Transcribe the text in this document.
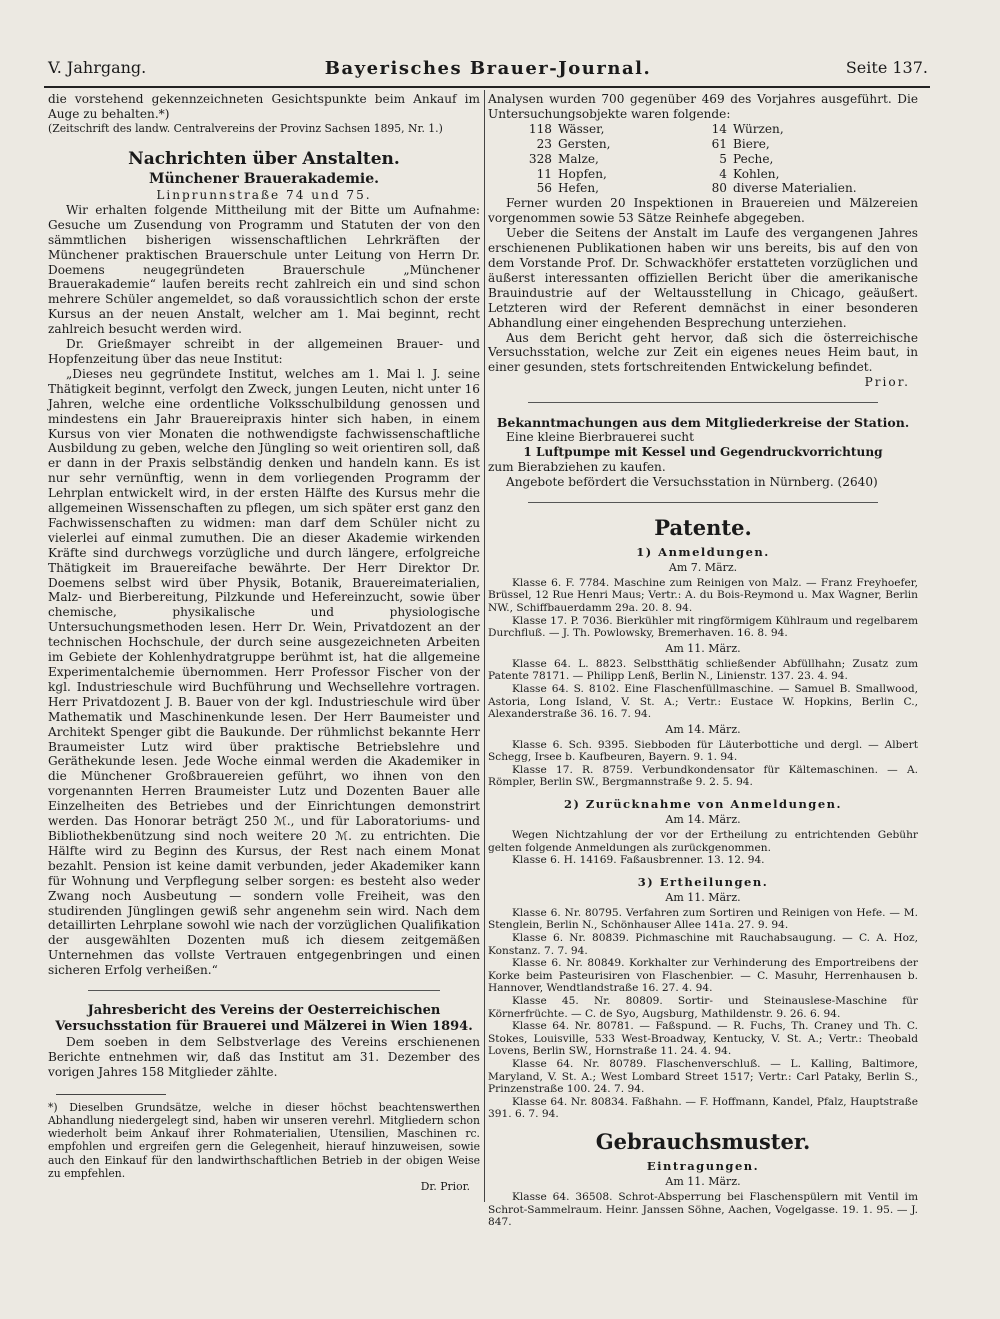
V. Jahrgang.	Bayerisches Brauer-Journal.	Seite 137.

die vorstehend gekennzeichneten Gesichtspunkte beim Ankauf im Auge zu behalten.*)

(Zeitschrift des landw. Centralvereins der Provinz Sachsen 1895, Nr. 1.)

Nachrichten über Anstalten.
Münchener Brauerakademie.

Linprunnstraße 74 und 75.

Wir erhalten folgende Mittheilung mit der Bitte um Aufnahme: Gesuche um Zusendung von Programm und Statuten der von den sämmtlichen bisherigen wissenschaftlichen Lehrkräften der Münchener praktischen Brauerschule unter Leitung von Herrn Dr. Doemens neugegründeten Brauerschule „Münchener Brauerakademie“ laufen bereits recht zahlreich ein und sind schon mehrere Schüler angemeldet, so daß voraussichtlich schon der erste Kursus an der neuen Anstalt, welcher am 1. Mai beginnt, recht zahlreich besucht werden wird.

Dr. Grießmayer schreibt in der allgemeinen Brauer- und Hopfenzeitung über das neue Institut:

„Dieses neu gegründete Institut, welches am 1. Mai l. J. seine Thätigkeit beginnt, verfolgt den Zweck, jungen Leuten, nicht unter 16 Jahren, welche eine ordentliche Volksschulbildung genossen und mindestens ein Jahr Brauereipraxis hinter sich haben, in einem Kursus von vier Monaten die nothwendigste fachwissenschaftliche Ausbildung zu geben, welche den Jüngling so weit orientiren soll, daß er dann in der Praxis selbständig denken und handeln kann. Es ist nur sehr vernünftig, wenn in dem vorliegenden Programm der Lehrplan entwickelt wird, in der ersten Hälfte des Kursus mehr die allgemeinen Wissenschaften zu pflegen, um sich später erst ganz den Fachwissenschaften zu widmen: man darf dem Schüler nicht zu vielerlei auf einmal zumuthen. Die an dieser Akademie wirkenden Kräfte sind durchwegs vorzügliche und durch längere, erfolgreiche Thätigkeit im Brauereifache bewährte. Der Herr Direktor Dr. Doemens selbst wird über Physik, Botanik, Brauereimaterialien, Malz- und Bierbereitung, Pilzkunde und Hefereinzucht, sowie über chemische, physikalische und physiologische Untersuchungsmethoden lesen. Herr Dr. Wein, Privatdozent an der technischen Hochschule, der durch seine ausgezeichneten Arbeiten im Gebiete der Kohlenhydratgruppe berühmt ist, hat die allgemeine Experimentalchemie übernommen. Herr Professor Fischer von der kgl. Industrieschule wird Buchführung und Wechsellehre vortragen. Herr Privatdozent J. B. Bauer von der kgl. Industrieschule wird über Mathematik und Maschinenkunde lesen. Der Herr Baumeister und Architekt Spenger gibt die Baukunde. Der rühmlichst bekannte Herr Braumeister Lutz wird über praktische Betriebslehre und Geräthekunde lesen. Jede Woche einmal werden die Akademiker in die Münchener Großbrauereien geführt, wo ihnen von den vorgenannten Herren Braumeister Lutz und Dozenten Bauer alle Einzelheiten des Betriebes und der Einrichtungen demonstrirt werden. Das Honorar beträgt 250 ℳ., und für Laboratoriums- und Bibliothekbenützung sind noch weitere 20 ℳ. zu entrichten. Die Hälfte wird zu Beginn des Kursus, der Rest nach einem Monat bezahlt. Pension ist keine damit verbunden, jeder Akademiker kann für Wohnung und Verpflegung selber sorgen: es besteht also weder Zwang noch Ausbeutung — sondern volle Freiheit, was den studirenden Jünglingen gewiß sehr angenehm sein wird. Nach dem detaillirten Lehrplane sowohl wie nach der vorzüglichen Qualifikation der ausgewählten Dozenten muß ich diesem zeitgemäßen Unternehmen das vollste Vertrauen entgegenbringen und einen sicheren Erfolg verheißen.“

Jahresbericht des Vereins der Oesterreichischen Versuchsstation für Brauerei und Mälzerei in Wien 1894.

Dem soeben in dem Selbstverlage des Vereins erschienenen Berichte entnehmen wir, daß das Institut am 31. Dezember des vorigen Jahres 158 Mitglieder zählte.

*) Dieselben Grundsätze, welche in dieser höchst beachtenswerthen Abhandlung niedergelegt sind, haben wir unseren verehrl. Mitgliedern schon wiederholt beim Ankauf ihrer Rohmaterialien, Utensilien, Maschinen rc. empfohlen und ergreifen gern die Gelegenheit, hierauf hinzuweisen, sowie auch den Einkauf für den landwirthschaftlichen Betrieb in der obigen Weise zu empfehlen.

Dr. Prior.

Analysen wurden 700 gegenüber 469 des Vorjahres ausgeführt. Die Untersuchungsobjekte waren folgende:

118 Wässer,	14 Würzen,
23 Gersten,	61 Biere,
328 Malze,	5 Peche,
11 Hopfen,	4 Kohlen,
56 Hefen,	80 diverse Materialien.

Ferner wurden 20 Inspektionen in Brauereien und Mälzereien vorgenommen sowie 53 Sätze Reinhefe abgegeben.

Ueber die Seitens der Anstalt im Laufe des vergangenen Jahres erschienenen Publikationen haben wir uns bereits, bis auf den von dem Vorstande Prof. Dr. Schwackhöfer erstatteten vorzüglichen und äußerst interessanten offiziellen Bericht über die amerikanische Brauindustrie auf der Weltausstellung in Chicago, geäußert. Letzteren wird der Referent demnächst in einer besonderen Abhandlung einer eingehenden Besprechung unterziehen.

Aus dem Bericht geht hervor, daß sich die österreichische Versuchsstation, welche zur Zeit ein eigenes neues Heim baut, in einer gesunden, stets fortschreitenden Entwickelung befindet.

Prior.

Bekanntmachungen aus dem Mitgliederkreise der Station.

Eine kleine Bierbrauerei sucht

1 Luftpumpe mit Kessel und Gegendruckvorrichtung

zum Bierabziehen zu kaufen.

Angebote befördert die Versuchsstation in Nürnberg. (2640)

Patente.
1) Anmeldungen.
Am 7. März.

Klasse 6. F. 7784. Maschine zum Reinigen von Malz. — Franz Freyhoefer, Brüssel, 12 Rue Henri Maus; Vertr.: A. du Bois-Reymond u. Max Wagner, Berlin NW., Schiffbauerdamm 29a. 20. 8. 94.

Klasse 17. P. 7036. Bierkühler mit ringförmigem Kühlraum und regelbarem Durchfluß. — J. Th. Powlowsky, Bremerhaven. 16. 8. 94.

Am 11. März.

Klasse 64. L. 8823. Selbstthätig schließender Abfüllhahn; Zusatz zum Patente 78171. — Philipp Lenß, Berlin N., Linienstr. 137. 23. 4. 94.

Klasse 64. S. 8102. Eine Flaschenfüllmaschine. — Samuel B. Smallwood, Astoria, Long Island, V. St. A.; Vertr.: Eustace W. Hopkins, Berlin C., Alexanderstraße 36. 16. 7. 94.

Am 14. März.

Klasse 6. Sch. 9395. Siebboden für Läuterbottiche und dergl. — Albert Schegg, Irsee b. Kaufbeuren, Bayern. 9. 1. 94.

Klasse 17. R. 8759. Verbundkondensator für Kältemaschinen. — A. Römpler, Berlin SW., Bergmannstraße 9. 2. 5. 94.

2) Zurücknahme von Anmeldungen.
Am 14. März.

Wegen Nichtzahlung der vor der Ertheilung zu entrichtenden Gebühr gelten folgende Anmeldungen als zurückgenommen.

Klasse 6. H. 14169. Faßausbrenner. 13. 12. 94.

3) Ertheilungen.
Am 11. März.

Klasse 6. Nr. 80795. Verfahren zum Sortiren und Reinigen von Hefe. — M. Stenglein, Berlin N., Schönhauser Allee 141a. 27. 9. 94.

Klasse 6. Nr. 80839. Pichmaschine mit Rauchabsaugung. — C. A. Hoz, Konstanz. 7. 7. 94.

Klasse 6. Nr. 80849. Korkhalter zur Verhinderung des Emportreibens der Korke beim Pasteurisiren von Flaschenbier. — C. Masuhr, Herrenhausen b. Hannover, Wendtlandstraße 16. 27. 4. 94.

Klasse 45. Nr. 80809. Sortir- und Steinauslese-Maschine für Körnerfrüchte. — C. de Syo, Augsburg, Mathildenstr. 9. 26. 6. 94.

Klasse 64. Nr. 80781. — Faßspund. — R. Fuchs, Th. Craney und Th. C. Stokes, Louisville, 533 West-Broadway, Kentucky, V. St. A.; Vertr.: Theobald Lovens, Berlin SW., Hornstraße 11. 24. 4. 94.

Klasse 64. Nr. 80789. Flaschenverschluß. — L. Kalling, Baltimore, Maryland, V. St. A.; West Lombard Street 1517; Vertr.: Carl Pataky, Berlin S., Prinzenstraße 100. 24. 7. 94.

Klasse 64. Nr. 80834. Faßhahn. — F. Hoffmann, Kandel, Pfalz, Hauptstraße 391. 6. 7. 94.

Gebrauchsmuster.
Eintragungen.
Am 11. März.

Klasse 64. 36508. Schrot-Absperrung bei Flaschenspülern mit Ventil im Schrot-Sammelraum. Heinr. Janssen Söhne, Aachen, Vogelgasse. 19. 1. 95. — J. 847.
